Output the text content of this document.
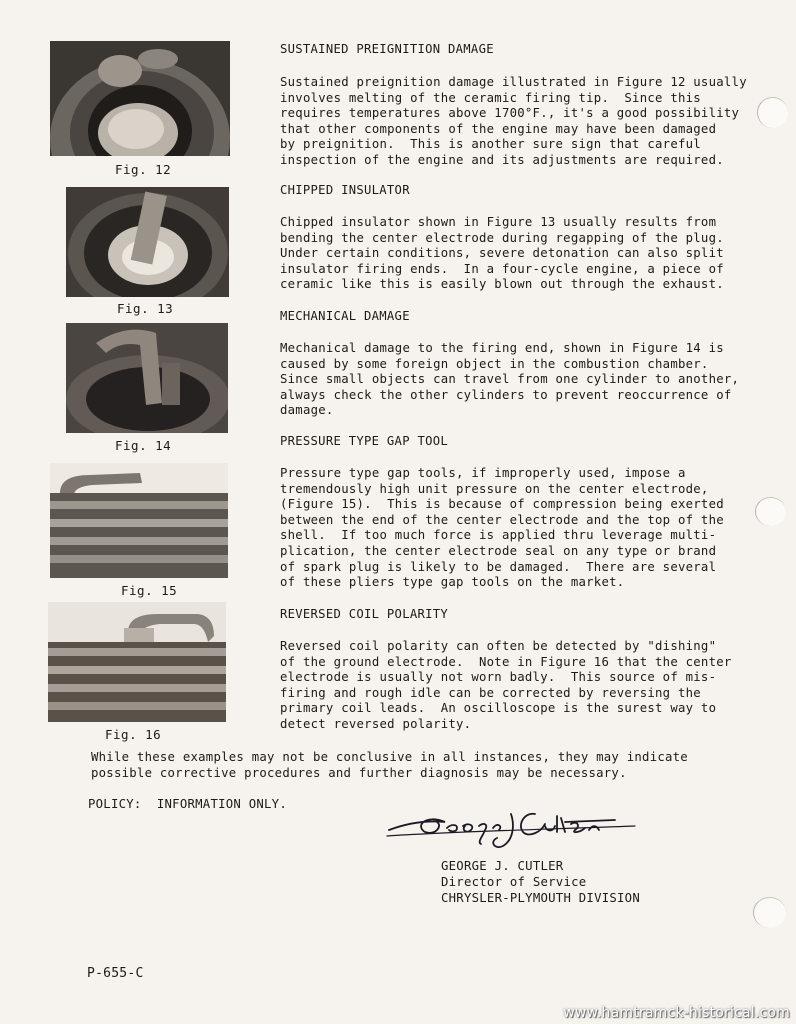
Fig. 12
Fig. 13
Fig. 14
Fig. 15
Fig. 16
SUSTAINED PREIGNITION DAMAGE
Sustained preignition damage illustrated in Figure 12 usually
involves melting of the ceramic firing tip.  Since this
requires temperatures above 1700°F., it's a good possibility
that other components of the engine may have been damaged
by preignition.  This is another sure sign that careful
inspection of the engine and its adjustments are required.
CHIPPED INSULATOR
Chipped insulator shown in Figure 13 usually results from
bending the center electrode during regapping of the plug.
Under certain conditions, severe detonation can also split
insulator firing ends.  In a four-cycle engine, a piece of
ceramic like this is easily blown out through the exhaust.
MECHANICAL DAMAGE
Mechanical damage to the firing end, shown in Figure 14 is
caused by some foreign object in the combustion chamber.
Since small objects can travel from one cylinder to another,
always check the other cylinders to prevent reoccurrence of
damage.
PRESSURE TYPE GAP TOOL
Pressure type gap tools, if improperly used, impose a
tremendously high unit pressure on the center electrode,
(Figure 15).  This is because of compression being exerted
between the end of the center electrode and the top of the
shell.  If too much force is applied thru leverage multi-
plication, the center electrode seal on any type or brand
of spark plug is likely to be damaged.  There are several
of these pliers type gap tools on the market.
REVERSED COIL POLARITY
Reversed coil polarity can often be detected by "dishing"
of the ground electrode.  Note in Figure 16 that the center
electrode is usually not worn badly.  This source of mis-
firing and rough idle can be corrected by reversing the
primary coil leads.  An oscilloscope is the surest way to
detect reversed polarity.
While these examples may not be conclusive in all instances, they may indicate
possible corrective procedures and further diagnosis may be necessary.
POLICY:  INFORMATION ONLY.
GEORGE J. CUTLER
Director of Service
CHRYSLER-PLYMOUTH DIVISION
P-655-C
www.hamtramck-historical.com
